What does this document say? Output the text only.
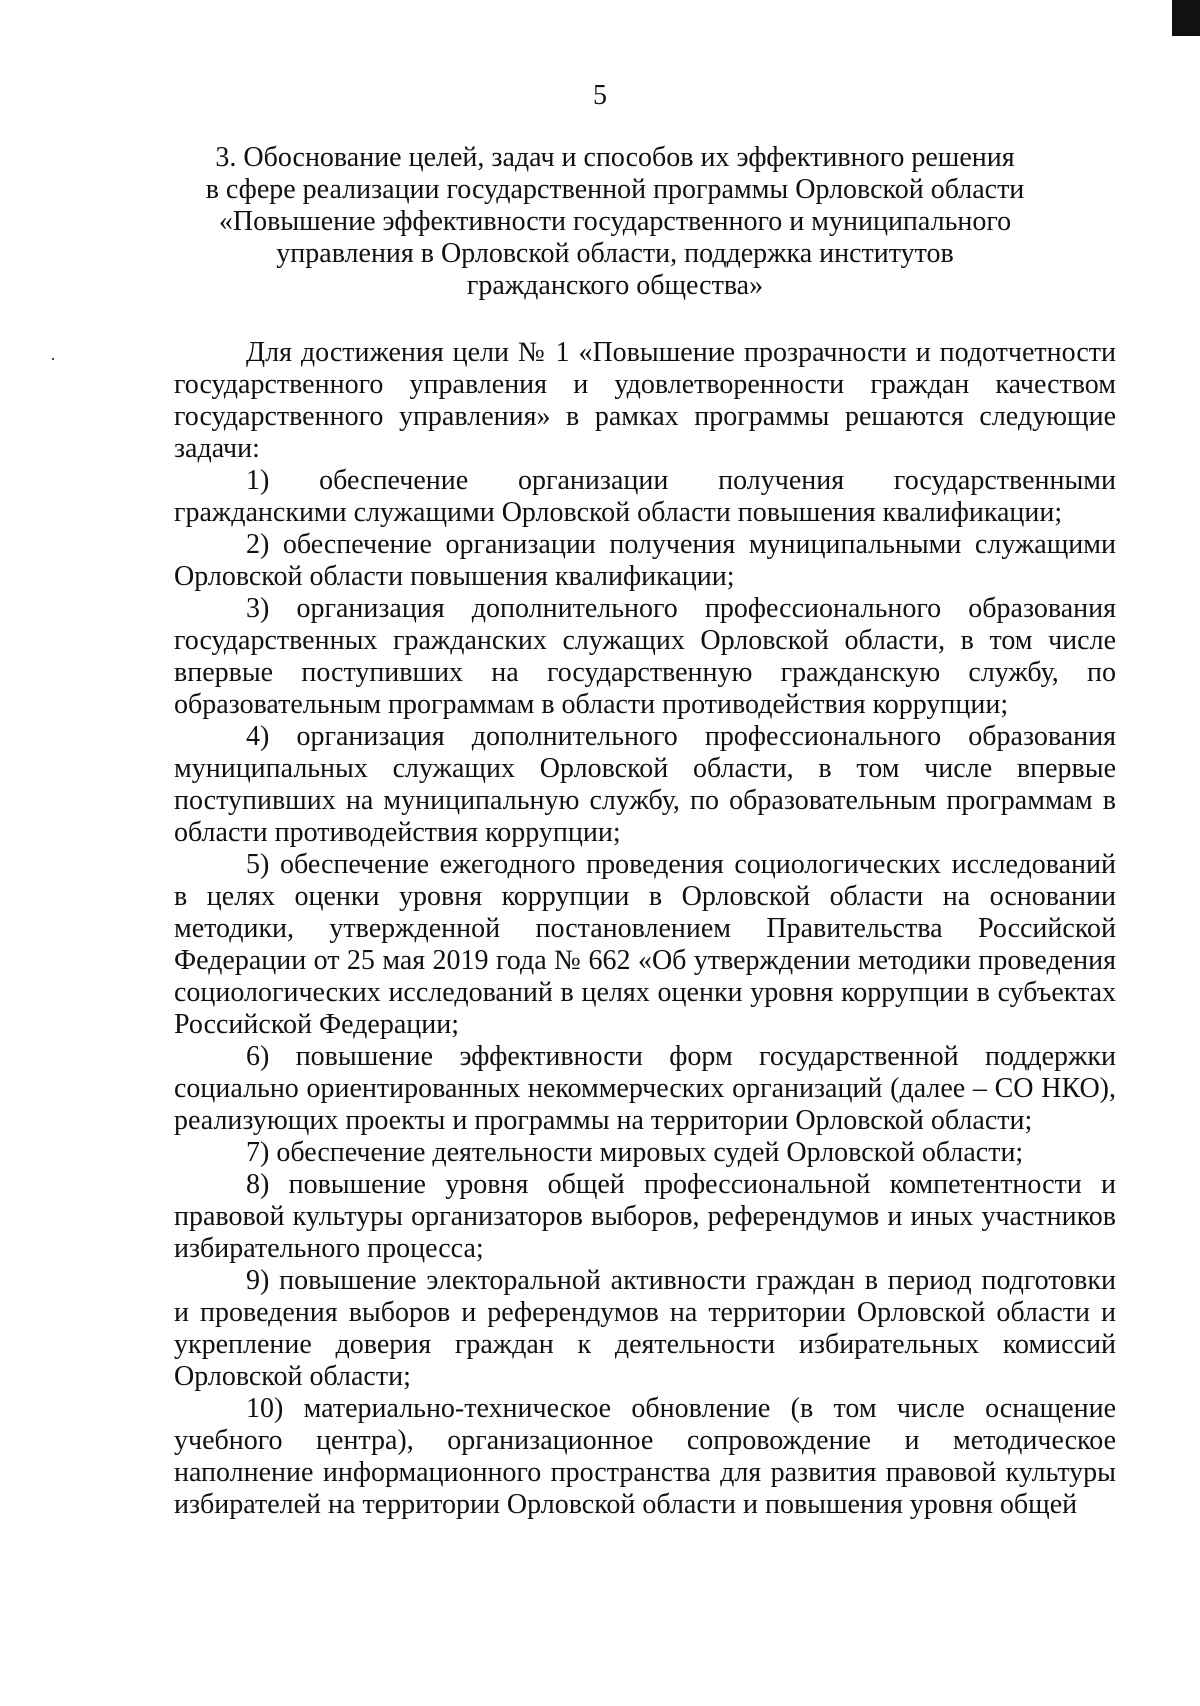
5
3. Обоснование целей, задач и способов их эффективного решения
в сфере реализации государственной программы Орловской области
«Повышение эффективности государственного и муниципального
управления в Орловской области, поддержка институтов
гражданского общества»

Для достижения цели № 1 «Повышение прозрачности и подотчетности государственного управления и удовлетворенности граждан качеством государственного управления» в рамках программы решаются следующие задачи:

1) обеспечение организации получения государственными гражданскими служащими Орловской области повышения квалификации;

2) обеспечение организации получения муниципальными служащими Орловской области повышения квалификации;

3) организация дополнительного профессионального образования государственных гражданских служащих Орловской области, в том числе впервые поступивших на государственную гражданскую службу, по образовательным программам в области противодействия коррупции;

4) организация дополнительного профессионального образования муниципальных служащих Орловской области, в том числе впервые поступивших на муниципальную службу, по образовательным программам в области противодействия коррупции;

5) обеспечение ежегодного проведения социологических исследований в целях оценки уровня коррупции в Орловской области на основании методики, утвержденной постановлением Правительства Российской Федерации от 25 мая 2019 года № 662 «Об утверждении методики проведения социологических исследований в целях оценки уровня коррупции в субъектах Российской Федерации;

6) повышение эффективности форм государственной поддержки социально ориентированных некоммерческих организаций (далее – СО НКО), реализующих проекты и программы на территории Орловской области;

7) обеспечение деятельности мировых судей Орловской области;

8) повышение уровня общей профессиональной компетентности и правовой культуры организаторов выборов, референдумов и иных участников избирательного процесса;

9) повышение электоральной активности граждан в период подготовки и проведения выборов и референдумов на территории Орловской области и укрепление доверия граждан к деятельности избирательных комиссий Орловской области;

10) материально-техническое обновление (в том числе оснащение учебного центра), организационное сопровождение и методическое наполнение информационного пространства для развития правовой культуры избирателей на территории Орловской области и повышения уровня общей
